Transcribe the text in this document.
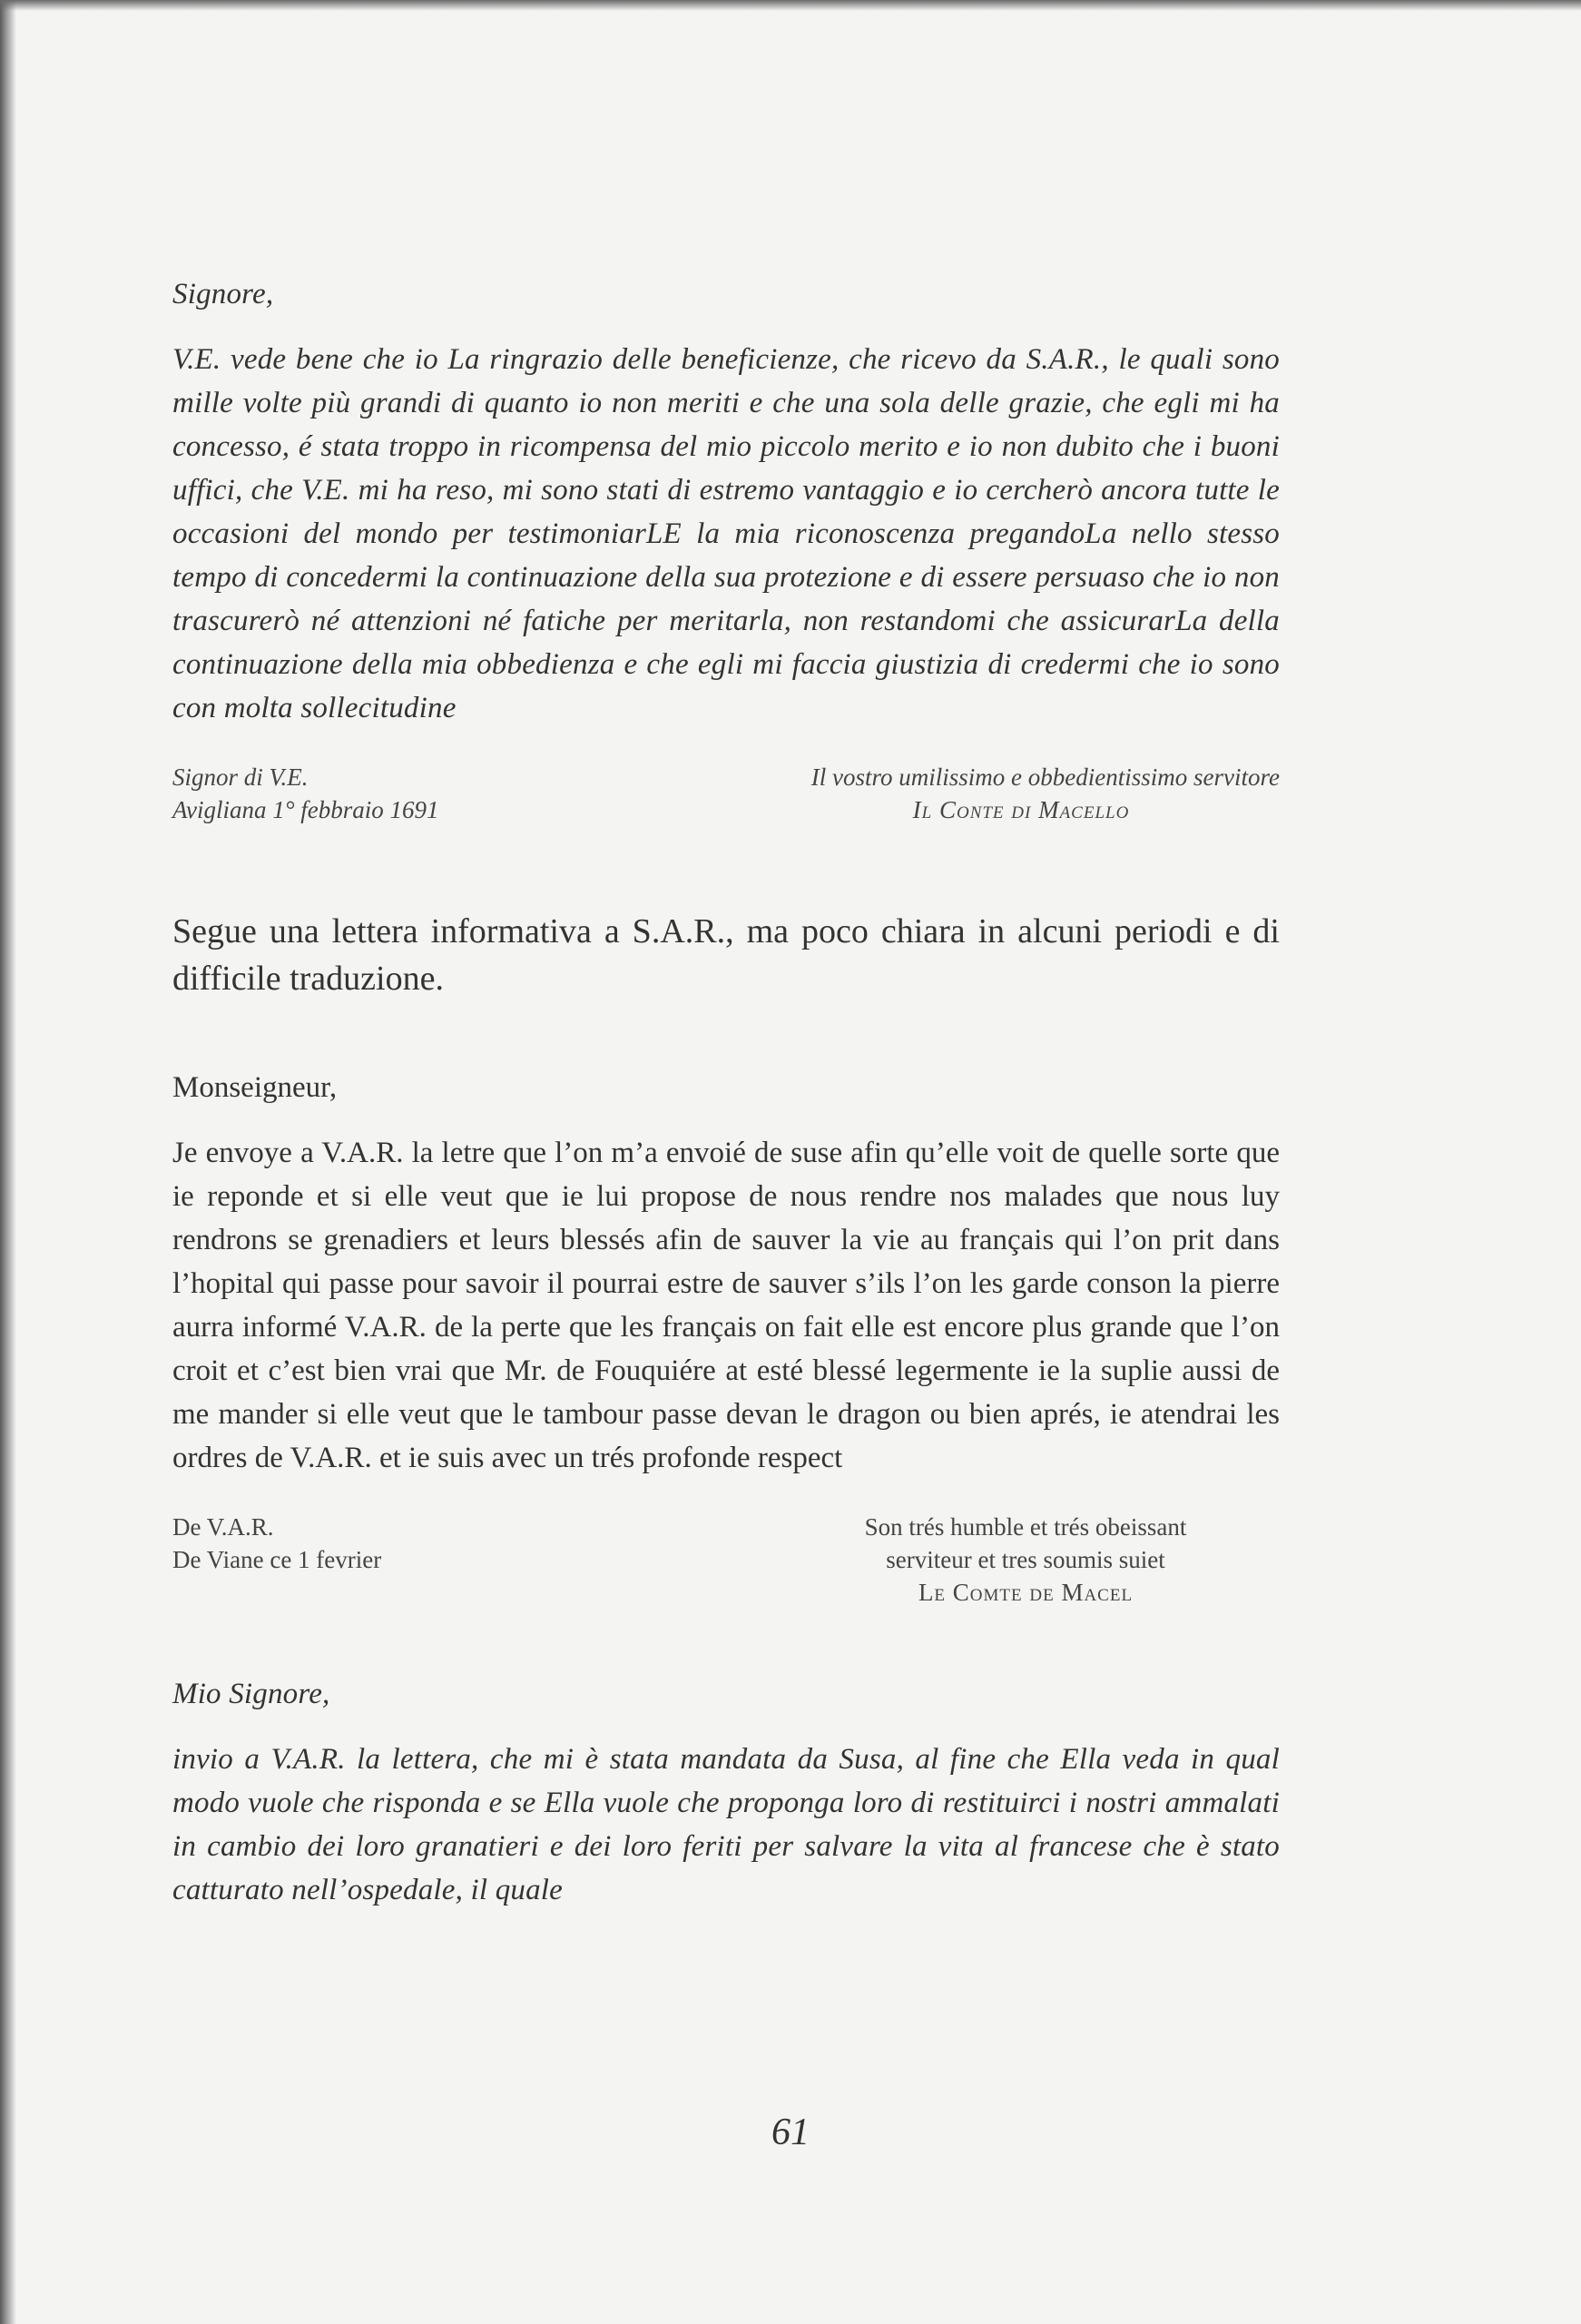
Signore,

V.E. vede bene che io La ringrazio delle beneficienze, che ricevo da S.A.R., le quali sono mille volte più grandi di quanto io non meriti e che una sola delle grazie, che egli mi ha concesso, é stata troppo in ricompensa del mio piccolo merito e io non dubito che i buoni uffici, che V.E. mi ha reso, mi sono stati di estremo vantaggio e io cercherò ancora tutte le occasioni del mondo per testimoniarLE la mia riconoscenza pregandoLa nello stesso tempo di concedermi la continuazione della sua protezione e di essere persuaso che io non trascurerò né attenzioni né fatiche per meritarla, non restandomi che assicurarLa della continuazione della mia obbedienza e che egli mi faccia giustizia di credermi che io sono con molta sollecitudine

Signor di V.E.
Avigliana 1° febbraio 1691
Il vostro umilissimo e obbedientissimo servitore
Il Conte di Macello

Segue una lettera informativa a S.A.R., ma poco chiara in alcuni periodi e di difficile traduzione.

Monseigneur,

Je envoye a V.A.R. la letre que l’on m’a envoié de suse afin qu’elle voit de quelle sorte que ie reponde et si elle veut que ie lui propose de nous rendre nos malades que nous luy rendrons se grenadiers et leurs blessés afin de sauver la vie au français qui l’on prit dans l’hopital qui passe pour savoir il pourrai estre de sauver s’ils l’on les garde conson la pierre aurra informé V.A.R. de la perte que les français on fait elle est encore plus grande que l’on croit et c’est bien vrai que Mr. de Fouquiére at esté blessé legermente ie la suplie aussi de me mander si elle veut que le tambour passe devan le dragon ou bien aprés, ie atendrai les ordres de V.A.R. et ie suis avec un trés profonde respect

De V.A.R.
De Viane ce 1 fevrier
Son trés humble et trés obeissant
serviteur et tres soumis suiet
Le Comte de Macel

Mio Signore,

invio a V.A.R. la lettera, che mi è stata mandata da Susa, al fine che Ella veda in qual modo vuole che risponda e se Ella vuole che proponga loro di restituirci i nostri ammalati in cambio dei loro granatieri e dei loro feriti per salvare la vita al francese che è stato catturato nell’ospedale, il quale

61
